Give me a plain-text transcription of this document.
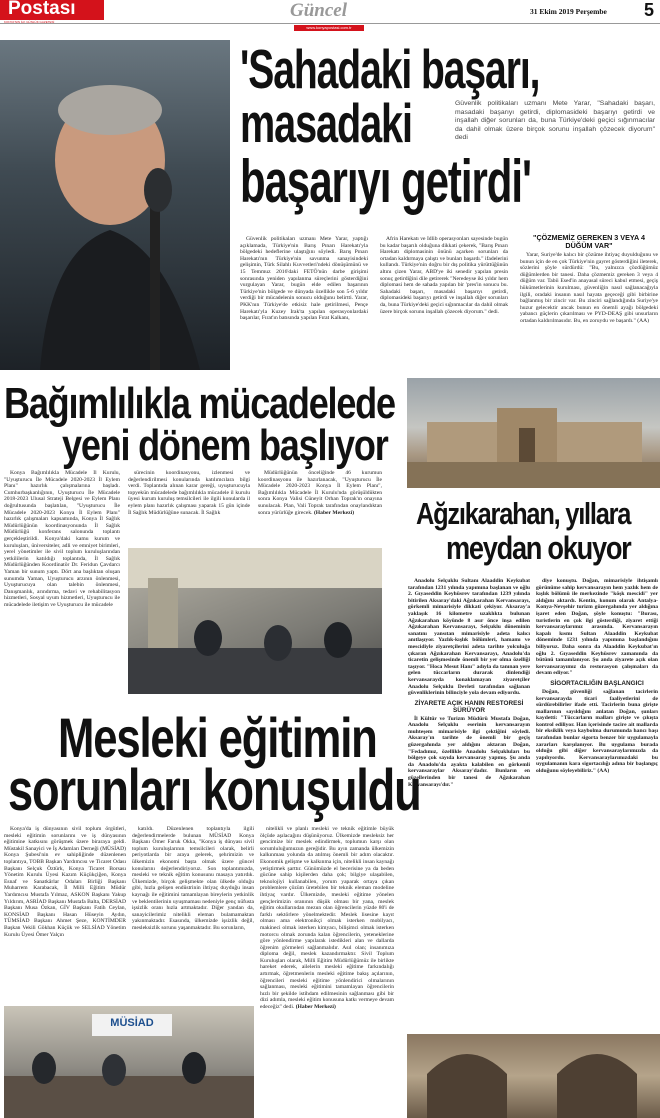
Postası
KONYA'NIN İLK GÜNLÜK GAZETESİ
Güncel	31 Ekim 2019 Perşembe 5
www.konyapostasi.com.tr
'Sahadaki başarı,
masadaki
başarıyı getirdi'
Güvenlik politikaları uzmanı Mete Yarar, "Sahadaki başarı, masadaki başarıyı getirdi, diplomasideki başarıyı getirdi ve inşallah diğer sorunları da, buna Türkiye'deki geçici sığınmacılar da dahil olmak üzere birçok sorunu inşallah çözecek diyorum" dedi

Güvenlik politikaları uzmanı Mete Yarar, yaptığı açıklamada, Türkiye'nin Barış Pınarı Harekatı'yla bölgedeki hedeflerine ulaştığını söyledi. Barış Pınarı Harekatı'nın Türkiye'nin savunma sanayisindeki gelişimin, Türk Silahlı Kuvvetleri'ndeki dönüşümünü ve 15 Temmuz 2016'daki FETÖ'nün darbe girişimi sonrasında yeniden yapılanma süreçlerini gösterdiğini vurgulayan Yarar, bugün elde edilen başarının Türkiye'nin bölgede ve dünyada özellikle son 5-6 yıldır verdiği bir mücadelenin sonucu olduğunu belirtti. Yarar, PKK'nın Türkiye'de etkisiz hale getirilmesi, Pençe Harekatı'yla Kuzey Irak'ta yapılan operasyonlardaki başarılar, Fırat'ın batısında yapılan Fırat Kalkanı,

Afrin Harekatı ve İdlib operasyonları sayesinde bugün bu kadar başarılı olduğuna dikkati çekerek, "Barış Pınarı Harekatı diplomasinin önünü açarken sorunları da ortadan kaldırmaya çalıştı ve bunları başardı." ifadelerini kullandı. Türkiye'nin doğru bir dış politika yürüttüğünün altını çizen Yarar, ABD'ye iki senedir yapılan presin sonuç getirdiğini dile getirerek "Neredeyse iki yıldır hem diplomasi hem de sahada yapılan bir 'pres'in sonucu bu. Sahadaki başarı, masadaki başarıyı getirdi, diplomasideki başarıyı getirdi ve inşallah diğer sorunları da, buna Türkiye'deki geçici sığınmacılar da dahil olmak üzere birçok sorunu inşallah çözecek diyorum." dedi.

"ÇÖZMEMİZ GEREKEN 3 VEYA 4 DÜĞÜM VAR"

Yarar, Suriye'de kalıcı bir çözüme ihtiyaç duyulduğunu ve bunun için de en çok Türkiye'nin gayret gösterdiğini ileterek, sözlerini şöyle sürdürdü: "Bu, yalnızca çözdüğümüz düğümlerden bir tanesi. Daha çözmemiz gereken 3 veya 4 düğüm var. Tabii Esed'in anayasal süreci kabul etmesi, geçiş hükümetlerinin kurulması, güvenliğin nasıl sağlanacağıyla ilgili, oradaki insanın nasıl hayata geçeceği gibi birbirine bağlanmış bir zincir var. Bu zinciri sağlandığında Suriye'ye huzur gelecektir ancak bunun en önemli ayağı bölgedeki yabancı güçlerin çıkarılması ve PYD-DEAŞ gibi unsurların ortadan kaldırılmasıdır. Bu, en zoruydu ve başardı." (AA)

Bağımlılıkla mücadelede
yeni dönem başlıyor

Konya Bağımlılıkla Mücadele İl Kurulu, "Uyuşturucu İle Mücadele 2020-2023 İl Eylem Planı" hazırlık çalışmalarına başladı. Cumhurbaşkanlığının, Uyuşturucu İle Mücadele 2018-2023 Ulusal Strateji Belgesi ve Eylem Planı doğrultusunda başlatılan, "Uyuşturucu İle Mücadele 2020-2023 Konya İl Eylem Planı" hazırlık çalışmaları kapsamında, Konya İl Sağlık Müdürlüğünün koordinasyonunda İl Sağlık Müdürlüğü konferans salonunda toplantı gerçekleştirildi. Konya'daki kamu kurum ve kuruluşları, üniversiteler, adli ve emniyet birimleri, yerel yönetimler ile sivil toplum kuruluşlarından yetkililerin katıldığı toplantıda, İl Sağlık Müdürlüğünden Koordinatör Dr. Feridun Çavdarcı Yaman bir sunum yaptı. Dört ana başlıktan oluşan sunumda Yaman, Uyuşturucu arzının önlenmesi, Uyuşturucuya olan talebin önlenmesi, Danışmanlık, arındırma, tedavi ve rehabilitasyon hizmetleri, Sosyal uyum hizmetleri, Uyuşturucu ile mücadelede iletişim ve Uyuşturucu ile mücadele

sürecinin koordinasyonu, izlenmesi ve değerlendirilmesi konularında katılımcılara bilgi verdi. Toplantıda alınan karar gereği, uyuşturucuyla topyekün mücadelede bağımlılıkla mücadele il kurulu üyesi kurum kuruluş temsilcileri ile ilgili konularda il eylem planı hazırlık çalışması yaparak 15 gün içinde İl Sağlık Müdürlüğüne sunacak. İl Sağlık

Müdürlüğünün önceliğinde 46 kurumun koordinasyonu ile hazırlanacak, "Uyuşturucu İle Mücadele 2020-2023 Konya İl Eylem Planı", Bağımlılıkla Mücadele İl Kurulu'nda görüşüldükten sonra Konya Valisi Cüneyit Orhan Toprak'ın onayına sunulacak. Plan, Vali Toprak tarafından onaylandıktan sonra yürürlüğe girecek. (Haber Merkezi)	Ağzıkarahan, yıllara
meydan okuyor

Anadolu Selçuklu Sultanı Alaaddin Keykubat tarafından 1231 yılında yapımına başlanan ve oğlu 2. Gıyaseddin Keyhüsrev tarafından 1239 yılında bitirilen Aksaray'daki Ağzıkarahan Kervansarayı, görkemli mimarisiyle dikkati çekiyor. Aksaray'a yaklaşık 16 kilometre uzaklıkta bulunan Ağzıkarahan köyünde 8 asır önce inşa edilen Ağzıkarahan Kervansarayı, Selçuklu döneminin sanatını yansıtan mimarisiyle adeta kalıcı anıtlaşıyor. Yazlık-kışlık bölümleri, hamamı ve mescidiyle ziyaretçilerini adeta tarihte yolculuğa çıkaran Ağzıkarahan Kervansarayı, Anadolu'da ticaretin gelişmesinde önemli bir yer olma özelliği taşıyor. "Hoca Mesut Hanı" adıyla da tanınan yere gelen tüccarların durarak dinlendiği kervansarayda konaklamayan ziyaretçiler Anadolu Selçuklu Devleti tarafından sağlanan güvenliklerinin bilinciyle yola devam ediyordu.

ZİYARETE AÇIK HANIN RESTORESİ SÜRÜYOR

İl Kültür ve Turizm Müdürü Mustafa Doğan, Anadolu Selçuklu eserinin kervansarayın muhteşem mimarisiyle ilgi çektiğini söyledi. Aksaray'ın tarihte de önemli bir geçiş güzergahında yer aldığını aktaran Doğan, "Fedadımız, özellikle Anadolu Selçukluları bu bölgeye çok sayıda kervansaray yapmış. Şu anda da Anadolu'da ayakta kalabilen en görkemli kervansaraylar Aksaray'dadır. Bunların en güzellerinden bir tanesi de Ağzıkarahan Kervansarayı'dır."

diye konuştu. Doğan, mimarisiyle ihtişamlı görünüme sahip kervansarayın hem yazlık hem de kışlık bölümü ile merkezinde "köşk mescidi" yer aldığını aktardı. Kentin, konum olarak Antalya-Konya-Nevşehir turizm güzergahında yer aldığına işaret eden Doğan, şöyle konuştu: "Burası, turistlerin en çok ilgi gösterdiği, ziyaret ettiği kervansaraylarımız arasında. Kervansarayın kapalı kısmı Sultan Alaaddin Keykubat döneminde 1231 yılında yapımına başlandığını biliyoruz. Daha sonra da Alaaddin Keykubat'ın oğlu 2. Gıyaseddin Keyhüsrev zamanında da bütünü tamamlanıyor. Şu anda ziyarete açık olan kervansarayımız da restorasyon çalışmaları da devam ediyor."

SİGORTACILIĞIN BAŞLANGICI

Doğan, güvenliği sağlanan tacirlerin kervansarayda ticari faaliyetlerini de sürdürebilirler ifade etti. Tacirlerin buna girişte mallarının sayıldığını anlatan Doğan, şunları kaydetti: "Tüccarların malları girişte ve çıkışta kontrol ediliyor. Han içerisinde tacire ait mallarda bir eksiklik veya kaybolma durumunda hancı başı tarafından bunlar sigorta benzer bir uygulamayla zararları karşılanıyor. Bu uygulama burada olduğu gibi diğer kervansaraylarımızda da yapılıyordu. Kervansaraylarımızdaki bu uygulamanın kara sigortacılığı adına bir başlangıç olduğunu söyleyebiliriz." (AA)

Mesleki eğitimin
sorunları konuşuldu

Konya'da iş dünyasının sivil toplum örgütleri, mesleki eğitimin sorunlarını ve iş dünyasının eğitimine katkısını görüşmek üzere biraraya geldi. Müstakil Sanayici ve İş Adamları Derneği (MÜSİAD) Konya Şubesi'nin ev sahipliğinde düzenlenen toplantıya, TOBB Başkan Yardımcısı ve Ticaret Odası Başkanı Selçuk Öztürk, Konya Ticaret Borsası Yönetim Kurulu Üyesi Kazım Küçükçiğen, Konya Esnaf ve Sanatkârlar Odaları Birliği Başkanı Muharrem Karabacak, İl Milli Eğitim Müdür Yardımcısı Mustafa Yılmaz, ASKON Başkanı Yakup Yıldırım, ASRİAD Başkanı Mustafa Balta, DERSİAD Başkanı Musa Özkan, GİV Başkanı Fatih Ceylan, KONSİAD Başkanı Hasan Hüseyin Aydın, TÜMSİAD Başkanı Ahmet Şeze, KONTİMDER Başkan Vekili Gökhan Küçük ve SELSİAD Yönetim Kurulu Üyesi Ömer Yalçın

katıldı. Düzenlenen toplantıyla ilgili değerlendirmelerde bulunan MÜSİAD Konya Başkanı Ömer Faruk Okka, "Konya iş dünyası sivil toplum kuruluşlarının temsilcileri olarak, belirli periyotlarda bir araya gelerek, şehrimizin ve ülkemizin ekonomi başta olmak üzere güncel konularını değerlendiriyoruz. Son toplantımızda, mesleki ve teknik eğitim konusunu masaya yatırdık. Ülkemizde, birçok gelişmekte olan ülkede olduğu gibi, hızla gelişen endüstrinin ihtiyaç duyduğu insan kaynağı ile eğitimini tamamlayan bireylerin yetkinlik ve beklentilerinin uyuşmaması nedeniyle genç nüfusta işsizlik oranı hızla artmaktadır. Diğer yandan da, sanayicilerimiz nitelikli eleman bulamamaktan yakınmaktadır. Esasında, ülkemizde işsizlik değil, mesleksizlik sorunu yaşanmaktadır. Bu sorunların,

nitelikli ve planlı mesleki ve teknik eğitimle büyük ölçüde aşılacağını düşünüyoruz. Ülkemizde mesleksiz her gencimize bir meslek edindirmek, toplumun karşı olan sorumluluğumuzun gereğidir. Bu ayın zamanda ülkemizin kalkınması yolunda da atılmış önemli bir adım olacaktır. Ekonomik gelişme ve kalkınma için, nitelikli insan kaynağı yetiştirmek şarttır. Günümüzde el becerisine ya da beden gücüne sahip kişilerden daha çok; bilgiye ulaşabilen, teknolojiyi kullanabilen, yorum yaparak ortaya çıkan problemlere çözüm üretebilen bir teknik eleman modeline ihtiyaç vardır. Ülkemizde, mesleki eğitime yönelen gençlerimizin oranının düşük olması bir yana, meslek eğitim okullarından mezun olan öğrencilerin yüzde 80'i de farklı sektörlere yönelmektedir. Meslek lisesine kayıt olması ama elektronikçi olmak isterken mobilyacı, makineci olmak isterken kimyacı, bilişimci olmak isterken motorcu olmak zorunda kalan öğrencilerin, yeteneklerine göre yönlendirme yapılarak istedikleri alan ve dallarda öğrenim görmeleri sağlanmalıdır. Asıl olan; insanımıza diploma değil, meslek kazandırmaktır. Sivil Toplum Kuruluşları olarak, Milli Eğitim Müdürlüğümüz ile birlikte hareket ederek, ailelerin mesleki eğitime farkındalığı artırmak, öğretmenlerin mesleki eğitime bakış açılarının, öğrencileri mesleki eğitime yönlendirici olmalarının sağlanması, mesleki eğitimini tamamlayan öğrencilerin hızlı bir şekilde istihdam edilmesinin sağlanması gibi bir dizi adımla, mesleki eğitim konusuna katkı vermeye devam edeceğiz" dedi. (Haber Merkezi)

MÜSİAD
